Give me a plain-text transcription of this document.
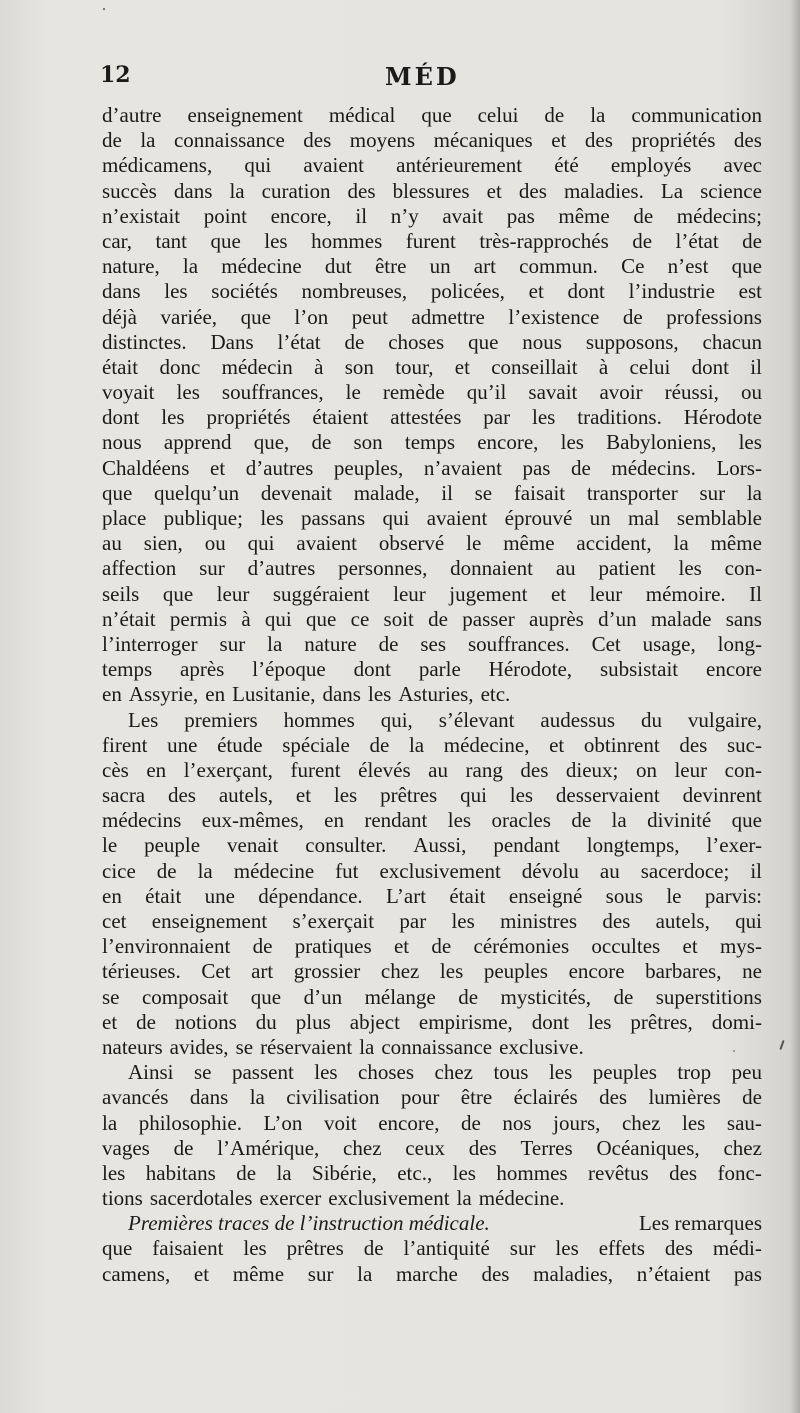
12	MÉD
d’autre enseignement médical que celui de la communication
de la connaissance des moyens mécaniques et des propriétés des
médicamens, qui avaient antérieurement été employés avec
succès dans la curation des blessures et des maladies. La science
n’existait point encore, il n’y avait pas même de médecins;
car, tant que les hommes furent très-rapprochés de l’état de
nature, la médecine dut être un art commun. Ce n’est que
dans les sociétés nombreuses, policées, et dont l’industrie est
déjà variée, que l’on peut admettre l’existence de professions
distinctes. Dans l’état de choses que nous supposons, chacun
était donc médecin à son tour, et conseillait à celui dont il
voyait les souffrances, le remède qu’il savait avoir réussi, ou
dont les propriétés étaient attestées par les traditions. Hérodote
nous apprend que, de son temps encore, les Babyloniens, les
Chaldéens et d’autres peuples, n’avaient pas de médecins. Lors-
que quelqu’un devenait malade, il se faisait transporter sur la
place publique; les passans qui avaient éprouvé un mal semblable
au sien, ou qui avaient observé le même accident, la même
affection sur d’autres personnes, donnaient au patient les con-
seils que leur suggéraient leur jugement et leur mémoire. Il
n’était permis à qui que ce soit de passer auprès d’un malade sans
l’interroger sur la nature de ses souffrances. Cet usage, long-
temps après l’époque dont parle Hérodote, subsistait encore
en Assyrie, en Lusitanie, dans les Asturies, etc.
Les premiers hommes qui, s’élevant audessus du vulgaire,
firent une étude spéciale de la médecine, et obtinrent des suc-
cès en l’exerçant, furent élevés au rang des dieux; on leur con-
sacra des autels, et les prêtres qui les desservaient devinrent
médecins eux-mêmes, en rendant les oracles de la divinité que
le peuple venait consulter. Aussi, pendant longtemps, l’exer-
cice de la médecine fut exclusivement dévolu au sacerdoce; il
en était une dépendance. L’art était enseigné sous le parvis:
cet enseignement s’exerçait par les ministres des autels, qui
l’environnaient de pratiques et de cérémonies occultes et mys-
térieuses. Cet art grossier chez les peuples encore barbares, ne
se composait que d’un mélange de mysticités, de superstitions
et de notions du plus abject empirisme, dont les prêtres, domi-
nateurs avides, se réservaient la connaissance exclusive.
Ainsi se passent les choses chez tous les peuples trop peu
avancés dans la civilisation pour être éclairés des lumières de
la philosophie. L’on voit encore, de nos jours, chez les sau-
vages de l’Amérique, chez ceux des Terres Océaniques, chez
les habitans de la Sibérie, etc., les hommes revêtus des fonc-
tions sacerdotales exercer exclusivement la médecine.
Premières traces de l’instruction médicale.	Les remarques
que faisaient les prêtres de l’antiquité sur les effets des médi-
camens, et même sur la marche des maladies, n’étaient pas
